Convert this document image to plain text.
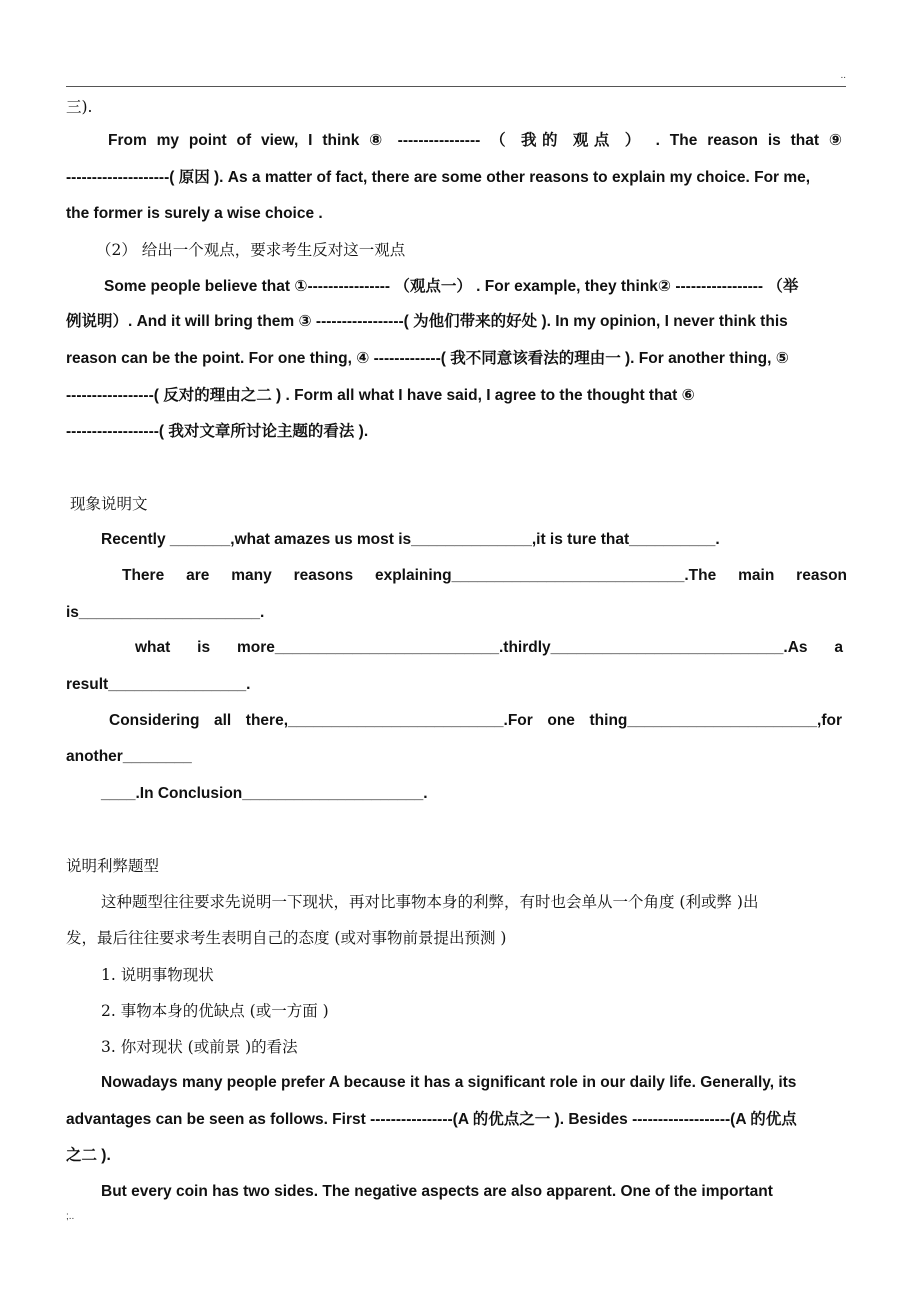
..
三).
From my point of view, I think ⑧ ---------------- （ 我的 观点 ） . The reason is that ⑨
--------------------( 原因 ). As a matter of fact, there are some other reasons to explain my choice. For me,
the former is surely a wise choice .
（2） 给出一个观点，要求考生反对这一观点
Some people believe that ①---------------- （观点一） . For example, they think② ----------------- （举
例说明）. And it will bring them ③ -----------------( 为他们带来的好处 ). In my opinion, I never think this
reason can be the point. For one thing, ④ -------------( 我不同意该看法的理由一 ). For another thing, ⑤
-----------------( 反对的理由之二 ) . Form all what I have said, I agree to the thought that ⑥
------------------( 我对文章所讨论主题的看法 ).
现象说明文
Recently _______,what amazes us most is______________,it is ture that__________.
There are many reasons explaining___________________________.The main reason
is_____________________.
what is more__________________________.thirdly___________________________.As a
result________________.
Considering all there,_________________________.For one thing______________________,for
another________
____.In Conclusion_____________________.
说明利弊题型
这种题型往往要求先说明一下现状，再对比事物本身的利弊，有时也会单从一个角度 (利或弊 )出
发，最后往往要求考生表明自己的态度 (或对事物前景提出预测 )
1. 说明事物现状
2. 事物本身的优缺点 (或一方面 )
3. 你对现状 (或前景 )的看法
Nowadays many people prefer A because it has a significant role in our daily life. Generally, its
advantages can be seen as follows. First ----------------(A 的优点之一 ). Besides -------------------(A 的优点
之二 ).
But every coin has two sides. The negative aspects are also apparent. One of the important
;..
